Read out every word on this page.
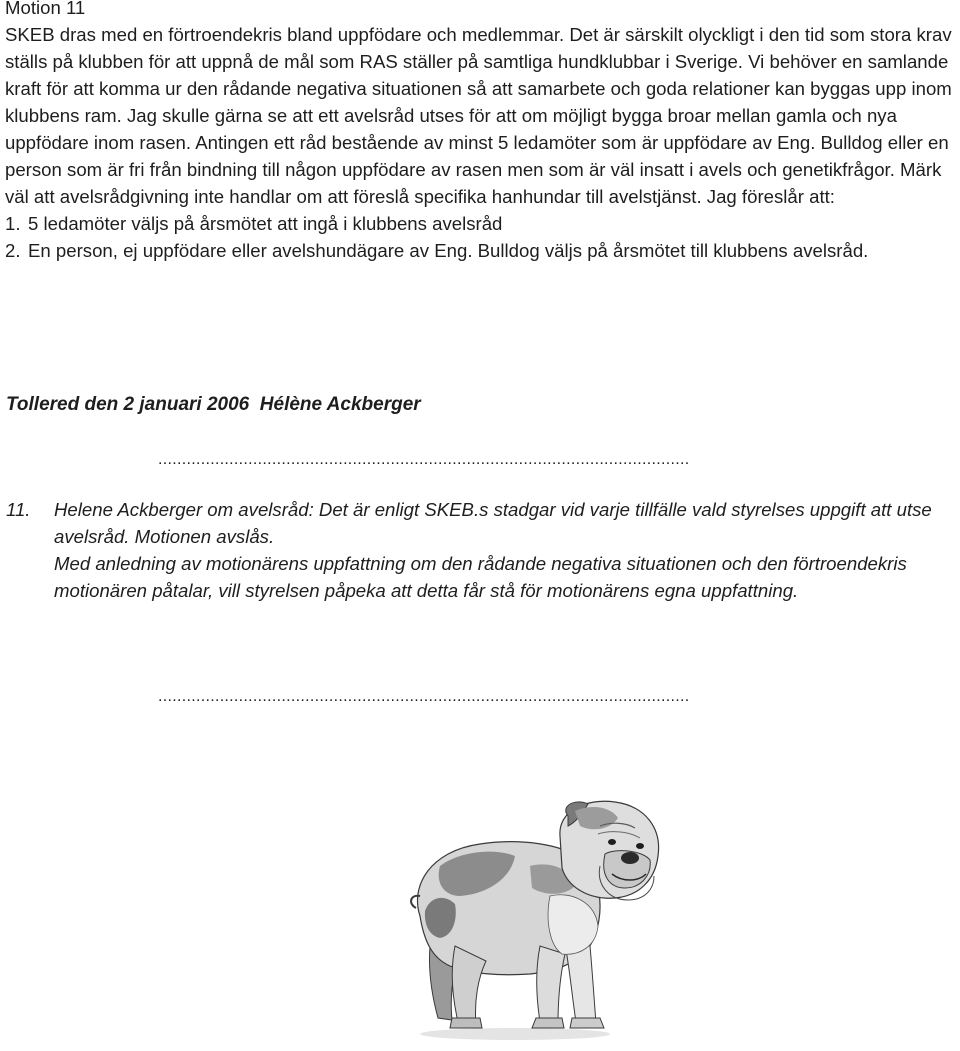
Motion 11

SKEB dras med en förtroendekris bland uppfödare och medlemmar. Det är särskilt olyckligt i den tid som stora krav ställs på klubben för att uppnå de mål som RAS ställer på samtliga hundklubbar i Sverige. Vi behöver en samlande kraft för att komma ur den rådande negativa situationen så att samarbete och goda relationer kan byggas upp inom klubbens ram. Jag skulle gärna se att ett avelsråd utses för att om möjligt bygga broar mellan gamla och nya uppfödare inom rasen. Antingen ett råd bestående av minst 5 ledamöter som är uppfödare av Eng. Bulldog eller en person som är fri från bindning till någon uppfödare av rasen men som är väl insatt i avels och genetikfrågor. Märk väl att avelsrådgivning inte handlar om att föreslå specifika hanhundar till avelstjänst. Jag föreslår att:

1. 5 ledamöter väljs på årsmötet att ingå i klubbens avelsråd
2. En person, ej uppfödare eller avelshundägare av Eng. Bulldog väljs på årsmötet till klubbens avelsråd.
Tollered den 2 januari 2006  Hélène Ackberger
................................................................................................................
11.	Helene Ackberger om avelsråd: Det är enligt SKEB.s stadgar vid varje tillfälle vald styrelses uppgift att utse avelsråd. Motionen avslås.

Med anledning av motionärens uppfattning om den rådande negativa situationen och den förtroendekris motionären påtalar, vill styrelsen påpeka att detta får stå för motionärens egna uppfattning.

................................................................................................................
